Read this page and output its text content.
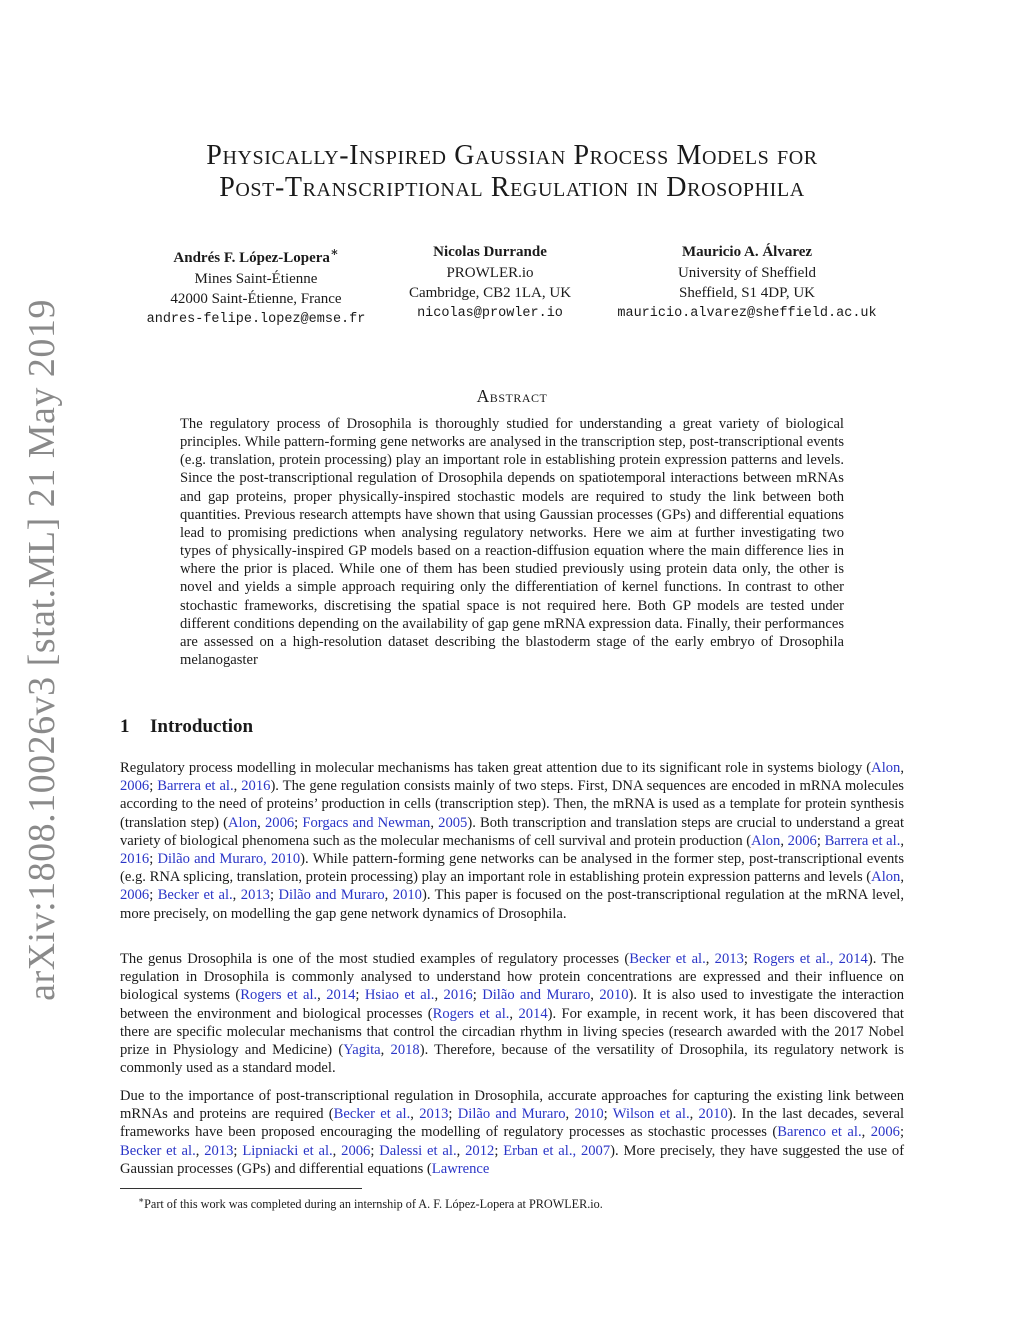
arXiv:1808.10026v3 [stat.ML] 21 May 2019
Physically-Inspired Gaussian Process Models for
Post-Transcriptional Regulation in Drosophila
Andrés F. López-Lopera∗
Mines Saint-Étienne
42000 Saint-Étienne, France
andres-felipe.lopez@emse.fr
Nicolas Durrande
PROWLER.io
Cambridge, CB2 1LA, UK
nicolas@prowler.io
Mauricio A. Álvarez
University of Sheffield
Sheffield, S1 4DP, UK
mauricio.alvarez@sheffield.ac.uk
Abstract
The regulatory process of Drosophila is thoroughly studied for understanding a great variety of biological principles. While pattern-forming gene networks are analysed in the transcription step, post-transcriptional events (e.g. translation, protein processing) play an important role in establishing protein expression patterns and levels. Since the post-transcriptional regulation of Drosophila depends on spatiotemporal interactions between mRNAs and gap proteins, proper physically-inspired stochastic models are required to study the link between both quantities. Previous research attempts have shown that using Gaussian processes (GPs) and differential equations lead to promising predictions when analysing regulatory networks. Here we aim at further investigating two types of physically-inspired GP models based on a reaction-diffusion equation where the main difference lies in where the prior is placed. While one of them has been studied previously using protein data only, the other is novel and yields a simple approach requiring only the differentiation of kernel functions. In contrast to other stochastic frameworks, discretising the spatial space is not required here. Both GP models are tested under different conditions depending on the availability of gap gene mRNA expression data. Finally, their performances are assessed on a high-resolution dataset describing the blastoderm stage of the early embryo of Drosophila melanogaster
1 Introduction
Regulatory process modelling in molecular mechanisms has taken great attention due to its significant role in systems biology (Alon, 2006; Barrera et al., 2016). The gene regulation consists mainly of two steps. First, DNA sequences are encoded in mRNA molecules according to the need of proteins’ production in cells (transcription step). Then, the mRNA is used as a template for protein synthesis (translation step) (Alon, 2006; Forgacs and Newman, 2005). Both transcription and translation steps are crucial to understand a great variety of biological phenomena such as the molecular mechanisms of cell survival and protein production (Alon, 2006; Barrera et al., 2016; Dilão and Muraro, 2010). While pattern-forming gene networks can be analysed in the former step, post-transcriptional events (e.g. RNA splicing, translation, protein processing) play an important role in establishing protein expression patterns and levels (Alon, 2006; Becker et al., 2013; Dilão and Muraro, 2010). This paper is focused on the post-transcriptional regulation at the mRNA level, more precisely, on modelling the gap gene network dynamics of Drosophila.
The genus Drosophila is one of the most studied examples of regulatory processes (Becker et al., 2013; Rogers et al., 2014). The regulation in Drosophila is commonly analysed to understand how protein concentrations are expressed and their influence on biological systems (Rogers et al., 2014; Hsiao et al., 2016; Dilão and Muraro, 2010). It is also used to investigate the interaction between the environment and biological processes (Rogers et al., 2014). For example, in recent work, it has been discovered that there are specific molecular mechanisms that control the circadian rhythm in living species (research awarded with the 2017 Nobel prize in Physiology and Medicine) (Yagita, 2018). Therefore, because of the versatility of Drosophila, its regulatory network is commonly used as a standard model.
Due to the importance of post-transcriptional regulation in Drosophila, accurate approaches for capturing the existing link between mRNAs and proteins are required (Becker et al., 2013; Dilão and Muraro, 2010; Wilson et al., 2010). In the last decades, several frameworks have been proposed encouraging the modelling of regulatory processes as stochastic processes (Barenco et al., 2006; Becker et al., 2013; Lipniacki et al., 2006; Dalessi et al., 2012; Erban et al., 2007). More precisely, they have suggested the use of Gaussian processes (GPs) and differential equations (Lawrence
∗Part of this work was completed during an internship of A. F. López-Lopera at PROWLER.io.
